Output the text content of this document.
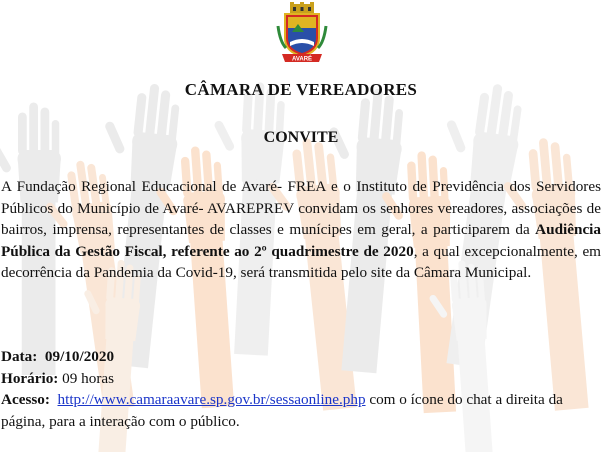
AVARÉ
CÂMARA DE VEREADORES
CONVITE
A Fundação Regional Educacional de Avaré- FREA e o Instituto de Previdência dos Servidores Públicos do Município de Avaré- AVAREPREV convidam os senhores vereadores, associações de bairros, imprensa, representantes de classes e munícipes em geral, a participarem da Audiência Pública da Gestão Fiscal, referente ao 2º quadrimestre de 2020, a qual excepcionalmente, em decorrência da Pandemia da Covid-19, será transmitida pelo site da Câmara Municipal.
Data: 09/10/2020
Horário: 09 horas
Acesso: http://www.camaraavare.sp.gov.br/sessaonline.php com o ícone do chat a direita da página, para a interação com o público.
